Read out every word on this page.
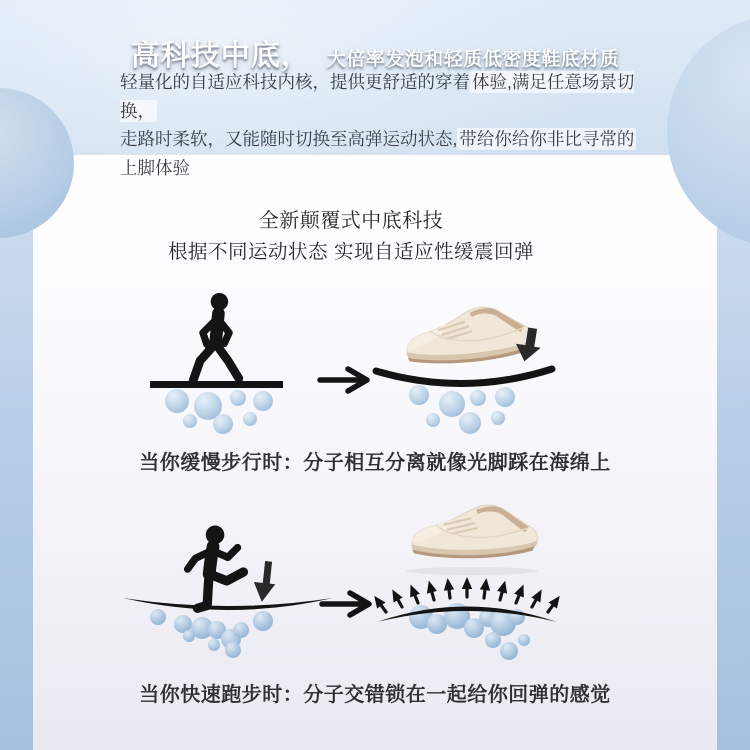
高科技中底， 大倍率发泡和轻质低密度鞋底材质
轻量化的自适应科技内核，提供更舒适的穿着 体验,满足任意场景切换，
走路时柔软，又能随时切换至高弹运动状态, 带给你给你非比寻常的
上脚体验
全新颠覆式中底科技
根据不同运动状态 实现自适应性缓震回弹
当你缓慢步行时：分子相互分离就像光脚踩在海绵上
当你快速跑步时：分子交错锁在一起给你回弹的感觉
